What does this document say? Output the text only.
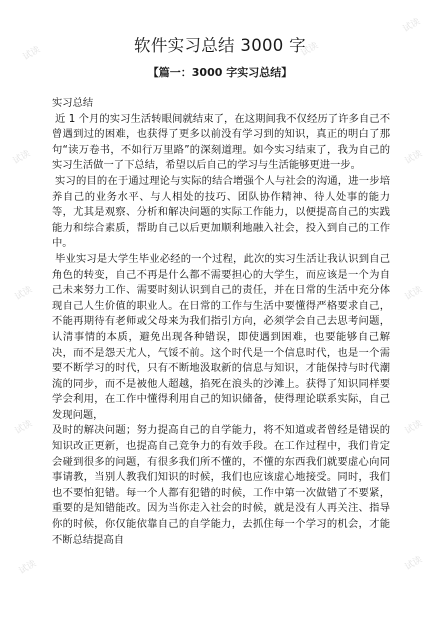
试读	试读
试读
试读	试读
试读	试读
试读	试读
试读	试读
软件实习总结 3000 字
【篇一：3000 字实习总结】

实习总结

近 1 个月的实习生活转眼间就结束了，在这期间我不仅经历了许多自己不曾遇到过的困难，也获得了更多以前没有学习到的知识，真正的明白了那句“读万卷书，不如行万里路”的深刻道理。如今实习结束了，我为自己的实习生活做一了下总结，希望以后自己的学习与生活能够更进一步。

实习的目的在于通过理论与实际的结合增强个人与社会的沟通，进一步培养自己的业务水平、与人相处的技巧、团队协作精神、待人处事的能力等，尤其是观察、分析和解决问题的实际工作能力，以便提高自己的实践能力和综合素质，帮助自己以后更加顺利地融入社会，投入到自己的工作中。

毕业实习是大学生毕业必经的一个过程，此次的实习生活让我认识到自己角色的转变，自己不再是什么都不需要担心的大学生，而应该是一个为自己未来努力工作、需要时刻认识到自己的责任，并在日常的生活中充分体现自己人生价值的职业人。在日常的工作与生活中要懂得严格要求自己，不能再期待有老师或父母来为我们指引方向，必须学会自己去思考问题，认清事情的本质，避免出现各种错误，即使遇到困难，也要能够自己解决，而不是怨天尤人，气馁不前。这个时代是一个信息时代，也是一个需要不断学习的时代，只有不断地汲取新的信息与知识，才能保持与时代潮流的同步，而不是被他人超越，掐死在浪头的沙滩上。获得了知识同样要学会利用，在工作中懂得利用自己的知识储备，使得理论联系实际，自己发现问题，

及时的解决问题；努力提高自己的自学能力，将不知道或者曾经是错误的知识改正更新，也提高自己竞争力的有效手段。在工作过程中，我们肯定会碰到很多的问题，有很多我们所不懂的，不懂的东西我们就要虚心向同事请教，当别人教我们知识的时候，我们也应该虚心地接受。同时，我们也不要怕犯错。每一个人都有犯错的时候，工作中第一次做错了不要紧，重要的是知错能改。因为当你走入社会的时候，就是没有人再关注、指导你的时候，你仅能依靠自己的自学能力，去抓住每一个学习的机会，才能不断总结提高自
